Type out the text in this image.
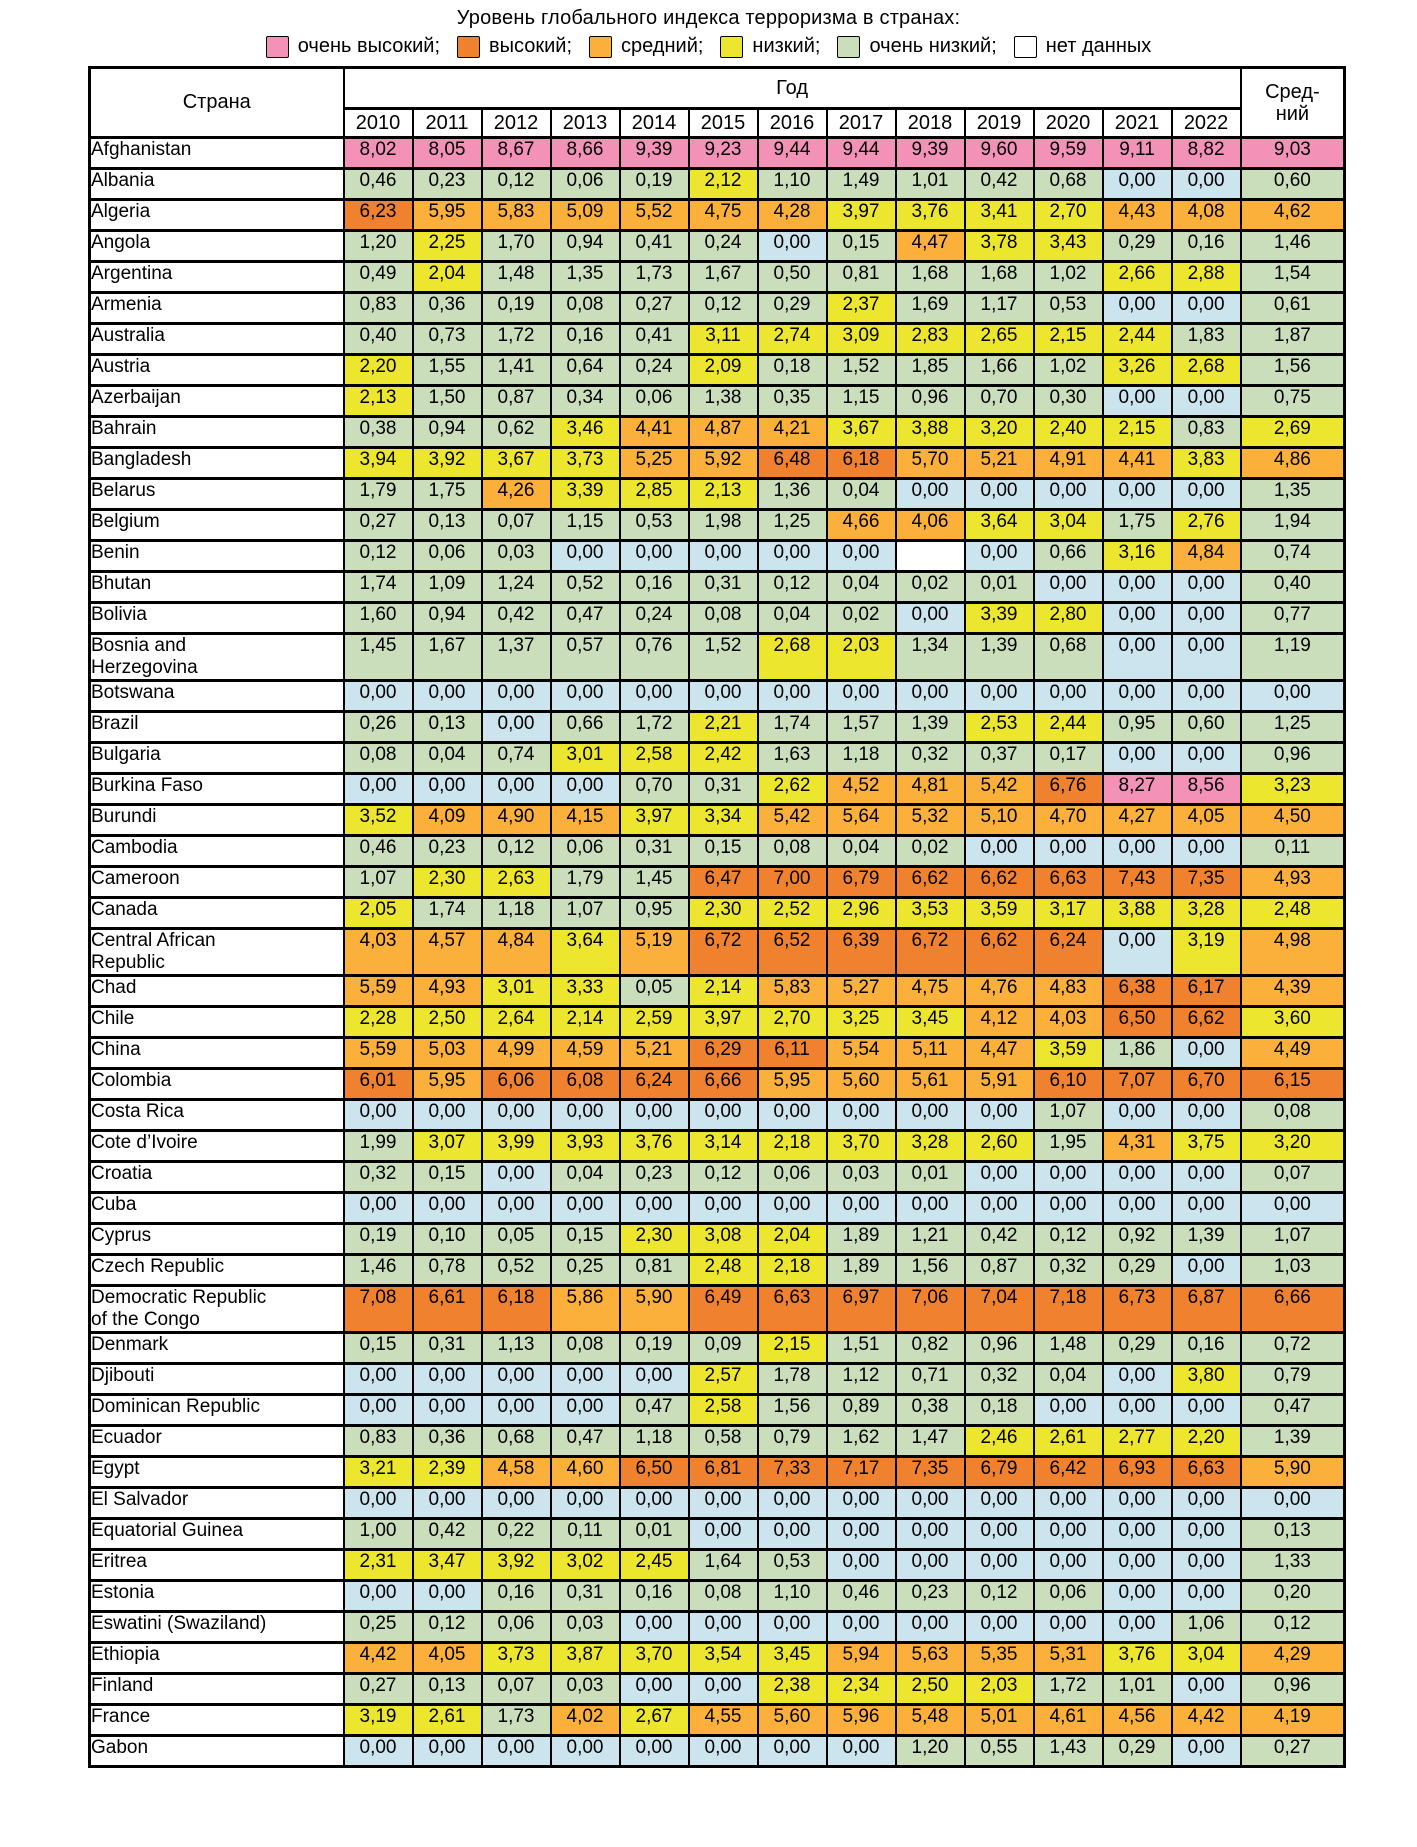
Уровень глобального индекса терроризма в странах:
очень высокий; высокий; средний; низкий; очень низкий; нет данных
Страна	Год													Сред-
ний

	2010	2011	2012	2013	2014	2015	2016	2017	2018	2019	2020	2021	2022	
Afghanistan	8,02	8,05	8,67	8,66	9,39	9,23	9,44	9,44	9,39	9,60	9,59	9,11	8,82	9,03
Albania	0,46	0,23	0,12	0,06	0,19	2,12	1,10	1,49	1,01	0,42	0,68	0,00	0,00	0,60
Algeria	6,23	5,95	5,83	5,09	5,52	4,75	4,28	3,97	3,76	3,41	2,70	4,43	4,08	4,62
Angola	1,20	2,25	1,70	0,94	0,41	0,24	0,00	0,15	4,47	3,78	3,43	0,29	0,16	1,46
Argentina	0,49	2,04	1,48	1,35	1,73	1,67	0,50	0,81	1,68	1,68	1,02	2,66	2,88	1,54
Armenia	0,83	0,36	0,19	0,08	0,27	0,12	0,29	2,37	1,69	1,17	0,53	0,00	0,00	0,61
Australia	0,40	0,73	1,72	0,16	0,41	3,11	2,74	3,09	2,83	2,65	2,15	2,44	1,83	1,87
Austria	2,20	1,55	1,41	0,64	0,24	2,09	0,18	1,52	1,85	1,66	1,02	3,26	2,68	1,56
Azerbaijan	2,13	1,50	0,87	0,34	0,06	1,38	0,35	1,15	0,96	0,70	0,30	0,00	0,00	0,75
Bahrain	0,38	0,94	0,62	3,46	4,41	4,87	4,21	3,67	3,88	3,20	2,40	2,15	0,83	2,69
Bangladesh	3,94	3,92	3,67	3,73	5,25	5,92	6,48	6,18	5,70	5,21	4,91	4,41	3,83	4,86
Belarus	1,79	1,75	4,26	3,39	2,85	2,13	1,36	0,04	0,00	0,00	0,00	0,00	0,00	1,35
Belgium	0,27	0,13	0,07	1,15	0,53	1,98	1,25	4,66	4,06	3,64	3,04	1,75	2,76	1,94
Benin	0,12	0,06	0,03	0,00	0,00	0,00	0,00	0,00		0,00	0,66	3,16	4,84	0,74
Bhutan	1,74	1,09	1,24	0,52	0,16	0,31	0,12	0,04	0,02	0,01	0,00	0,00	0,00	0,40
Bolivia	1,60	0,94	0,42	0,47	0,24	0,08	0,04	0,02	0,00	3,39	2,80	0,00	0,00	0,77
Bosnia and Herzegovina	1,45	1,67	1,37	0,57	0,76	1,52	2,68	2,03	1,34	1,39	0,68	0,00	0,00	1,19
Botswana	0,00	0,00	0,00	0,00	0,00	0,00	0,00	0,00	0,00	0,00	0,00	0,00	0,00	0,00
Brazil	0,26	0,13	0,00	0,66	1,72	2,21	1,74	1,57	1,39	2,53	2,44	0,95	0,60	1,25
Bulgaria	0,08	0,04	0,74	3,01	2,58	2,42	1,63	1,18	0,32	0,37	0,17	0,00	0,00	0,96
Burkina Faso	0,00	0,00	0,00	0,00	0,70	0,31	2,62	4,52	4,81	5,42	6,76	8,27	8,56	3,23
Burundi	3,52	4,09	4,90	4,15	3,97	3,34	5,42	5,64	5,32	5,10	4,70	4,27	4,05	4,50
Cambodia	0,46	0,23	0,12	0,06	0,31	0,15	0,08	0,04	0,02	0,00	0,00	0,00	0,00	0,11
Cameroon	1,07	2,30	2,63	1,79	1,45	6,47	7,00	6,79	6,62	6,62	6,63	7,43	7,35	4,93
Canada	2,05	1,74	1,18	1,07	0,95	2,30	2,52	2,96	3,53	3,59	3,17	3,88	3,28	2,48
Central African Republic	4,03	4,57	4,84	3,64	5,19	6,72	6,52	6,39	6,72	6,62	6,24	0,00	3,19	4,98
Chad	5,59	4,93	3,01	3,33	0,05	2,14	5,83	5,27	4,75	4,76	4,83	6,38	6,17	4,39
Chile	2,28	2,50	2,64	2,14	2,59	3,97	2,70	3,25	3,45	4,12	4,03	6,50	6,62	3,60
China	5,59	5,03	4,99	4,59	5,21	6,29	6,11	5,54	5,11	4,47	3,59	1,86	0,00	4,49
Colombia	6,01	5,95	6,06	6,08	6,24	6,66	5,95	5,60	5,61	5,91	6,10	7,07	6,70	6,15
Costa Rica	0,00	0,00	0,00	0,00	0,00	0,00	0,00	0,00	0,00	0,00	1,07	0,00	0,00	0,08
Cote d’Ivoire	1,99	3,07	3,99	3,93	3,76	3,14	2,18	3,70	3,28	2,60	1,95	4,31	3,75	3,20
Croatia	0,32	0,15	0,00	0,04	0,23	0,12	0,06	0,03	0,01	0,00	0,00	0,00	0,00	0,07
Cuba	0,00	0,00	0,00	0,00	0,00	0,00	0,00	0,00	0,00	0,00	0,00	0,00	0,00	0,00
Cyprus	0,19	0,10	0,05	0,15	2,30	3,08	2,04	1,89	1,21	0,42	0,12	0,92	1,39	1,07
Czech Republic	1,46	0,78	0,52	0,25	0,81	2,48	2,18	1,89	1,56	0,87	0,32	0,29	0,00	1,03
Democratic Republic of the Congo	7,08	6,61	6,18	5,86	5,90	6,49	6,63	6,97	7,06	7,04	7,18	6,73	6,87	6,66
Denmark	0,15	0,31	1,13	0,08	0,19	0,09	2,15	1,51	0,82	0,96	1,48	0,29	0,16	0,72
Djibouti	0,00	0,00	0,00	0,00	0,00	2,57	1,78	1,12	0,71	0,32	0,04	0,00	3,80	0,79
Dominican Republic	0,00	0,00	0,00	0,00	0,47	2,58	1,56	0,89	0,38	0,18	0,00	0,00	0,00	0,47
Ecuador	0,83	0,36	0,68	0,47	1,18	0,58	0,79	1,62	1,47	2,46	2,61	2,77	2,20	1,39
Egypt	3,21	2,39	4,58	4,60	6,50	6,81	7,33	7,17	7,35	6,79	6,42	6,93	6,63	5,90
El Salvador	0,00	0,00	0,00	0,00	0,00	0,00	0,00	0,00	0,00	0,00	0,00	0,00	0,00	0,00
Equatorial Guinea	1,00	0,42	0,22	0,11	0,01	0,00	0,00	0,00	0,00	0,00	0,00	0,00	0,00	0,13
Eritrea	2,31	3,47	3,92	3,02	2,45	1,64	0,53	0,00	0,00	0,00	0,00	0,00	0,00	1,33
Estonia	0,00	0,00	0,16	0,31	0,16	0,08	1,10	0,46	0,23	0,12	0,06	0,00	0,00	0,20
Eswatini (Swaziland)	0,25	0,12	0,06	0,03	0,00	0,00	0,00	0,00	0,00	0,00	0,00	0,00	1,06	0,12
Ethiopia	4,42	4,05	3,73	3,87	3,70	3,54	3,45	5,94	5,63	5,35	5,31	3,76	3,04	4,29
Finland	0,27	0,13	0,07	0,03	0,00	0,00	2,38	2,34	2,50	2,03	1,72	1,01	0,00	0,96
France	3,19	2,61	1,73	4,02	2,67	4,55	5,60	5,96	5,48	5,01	4,61	4,56	4,42	4,19
Gabon	0,00	0,00	0,00	0,00	0,00	0,00	0,00	0,00	1,20	0,55	1,43	0,29	0,00	0,27
